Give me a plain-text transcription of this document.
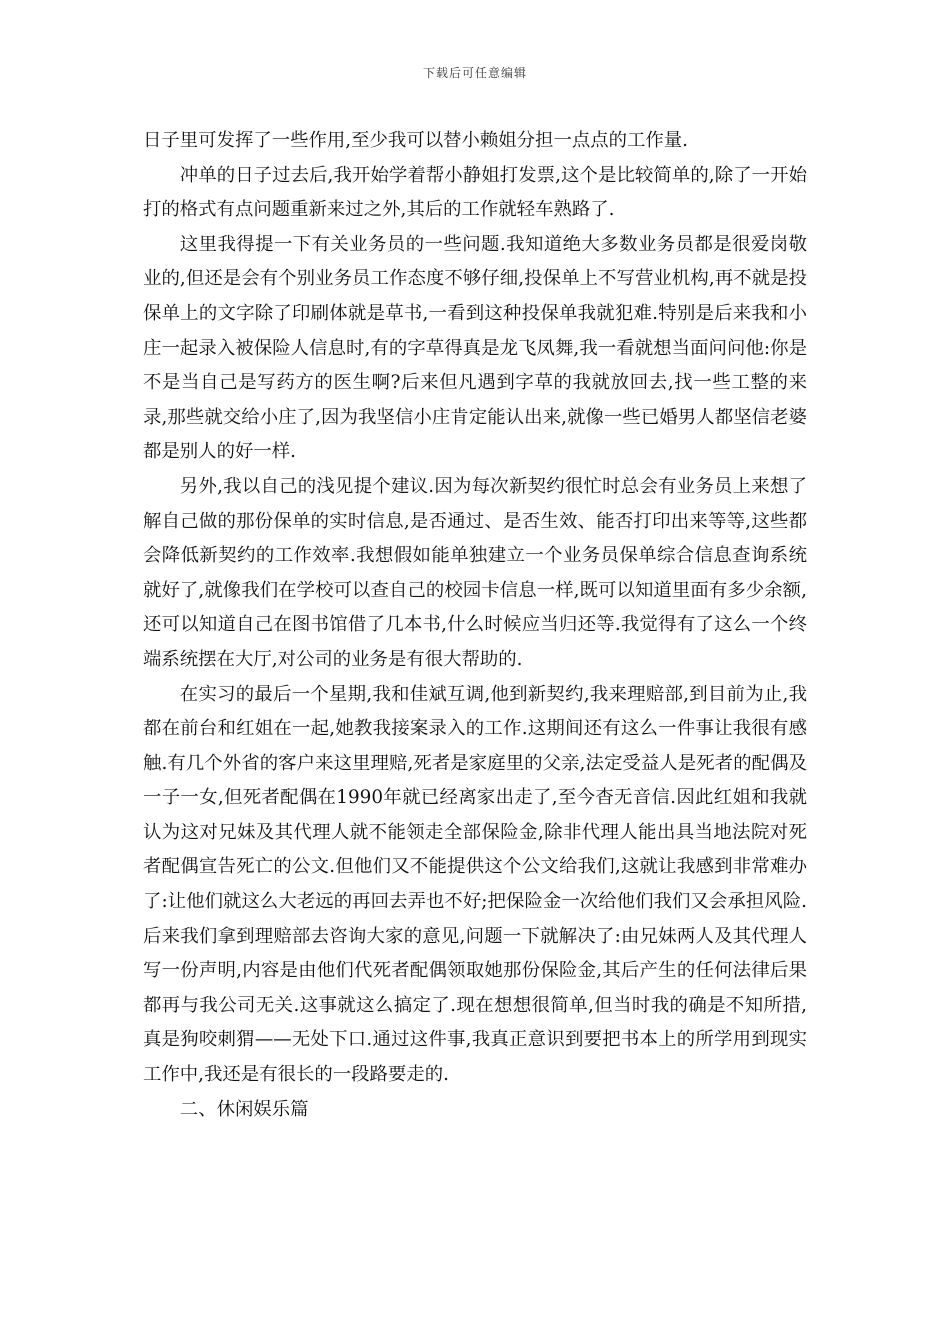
下载后可任意编辑

日子里可发挥了一些作用,至少我可以替小赖姐分担一点点的工作量.

冲单的日子过去后,我开始学着帮小静姐打发票,这个是比较简单的,除了一开始打的格式有点问题重新来过之外,其后的工作就轻车熟路了.

这里我得提一下有关业务员的一些问题.我知道绝大多数业务员都是很爱岗敬业的,但还是会有个别业务员工作态度不够仔细,投保单上不写营业机构,再不就是投保单上的文字除了印刷体就是草书,一看到这种投保单我就犯难.特别是后来我和小庄一起录入被保险人信息时,有的字草得真是龙飞凤舞,我一看就想当面问问他:你是不是当自己是写药方的医生啊?后来但凡遇到字草的我就放回去,找一些工整的来录,那些就交给小庄了,因为我坚信小庄肯定能认出来,就像一些已婚男人都坚信老婆都是别人的好一样.

另外,我以自己的浅见提个建议.因为每次新契约很忙时总会有业务员上来想了解自己做的那份保单的实时信息,是否通过、是否生效、能否打印出来等等,这些都会降低新契约的工作效率.我想假如能单独建立一个业务员保单综合信息查询系统就好了,就像我们在学校可以查自己的校园卡信息一样,既可以知道里面有多少余额,还可以知道自己在图书馆借了几本书,什么时候应当归还等.我觉得有了这么一个终端系统摆在大厅,对公司的业务是有很大帮助的.

在实习的最后一个星期,我和佳斌互调,他到新契约,我来理赔部,到目前为止,我都在前台和红姐在一起,她教我接案录入的工作.这期间还有这么一件事让我很有感触.有几个外省的客户来这里理赔,死者是家庭里的父亲,法定受益人是死者的配偶及一子一女,但死者配偶在1990年就已经离家出走了,至今杳无音信.因此红姐和我就认为这对兄妹及其代理人就不能领走全部保险金,除非代理人能出具当地法院对死者配偶宣告死亡的公文.但他们又不能提供这个公文给我们,这就让我感到非常难办了:让他们就这么大老远的再回去弄也不好;把保险金一次给他们我们又会承担风险.后来我们拿到理赔部去咨询大家的意见,问题一下就解决了:由兄妹两人及其代理人写一份声明,内容是由他们代死者配偶领取她那份保险金,其后产生的任何法律后果都再与我公司无关.这事就这么搞定了.现在想想很简单,但当时我的确是不知所措,真是狗咬刺猬——无处下口.通过这件事,我真正意识到要把书本上的所学用到现实工作中,我还是有很长的一段路要走的.

二、休闲娱乐篇
